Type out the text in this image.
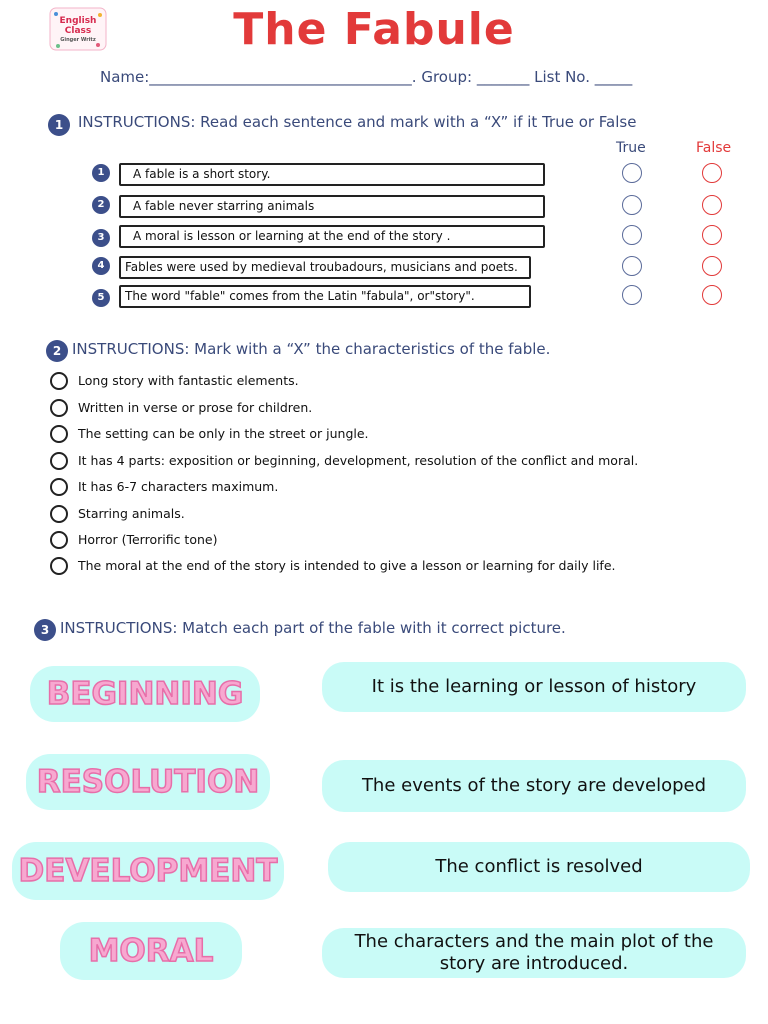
English
Class
Ginger Writz	The Fabule
Name:___________________________________. Group: _______ List No. _____
1 INSTRUCTIONS: Read each sentence and mark with a “X” if it True or False
True	False
1	A fable is a short story.
2	A fable never starring animals
3	A moral is lesson or learning at the end of the story .
4	Fables were used by medieval troubadours, musicians and poets.
5	The word "fable" comes from the Latin "fabula", or"story".
2 INSTRUCTIONS: Mark with a “X” the characteristics of the fable.
Long story with fantastic elements.
Written in verse or prose for children.
The setting can be only in the street or jungle.
It has 4 parts: exposition or beginning, development, resolution of the conflict and moral.
It has 6-7 characters maximum.
Starring animals.
Horror (Terrorific tone)
The moral at the end of the story is intended to give a lesson or learning for daily life.
3 INSTRUCTIONS: Match each part of the fable with it correct picture.
BEGINNING
RESOLUTION
DEVELOPMENT
MORAL
It is the learning or lesson of history
The events of the story are developed
The conflict is resolved
The characters and the main plot of the story are introduced.
